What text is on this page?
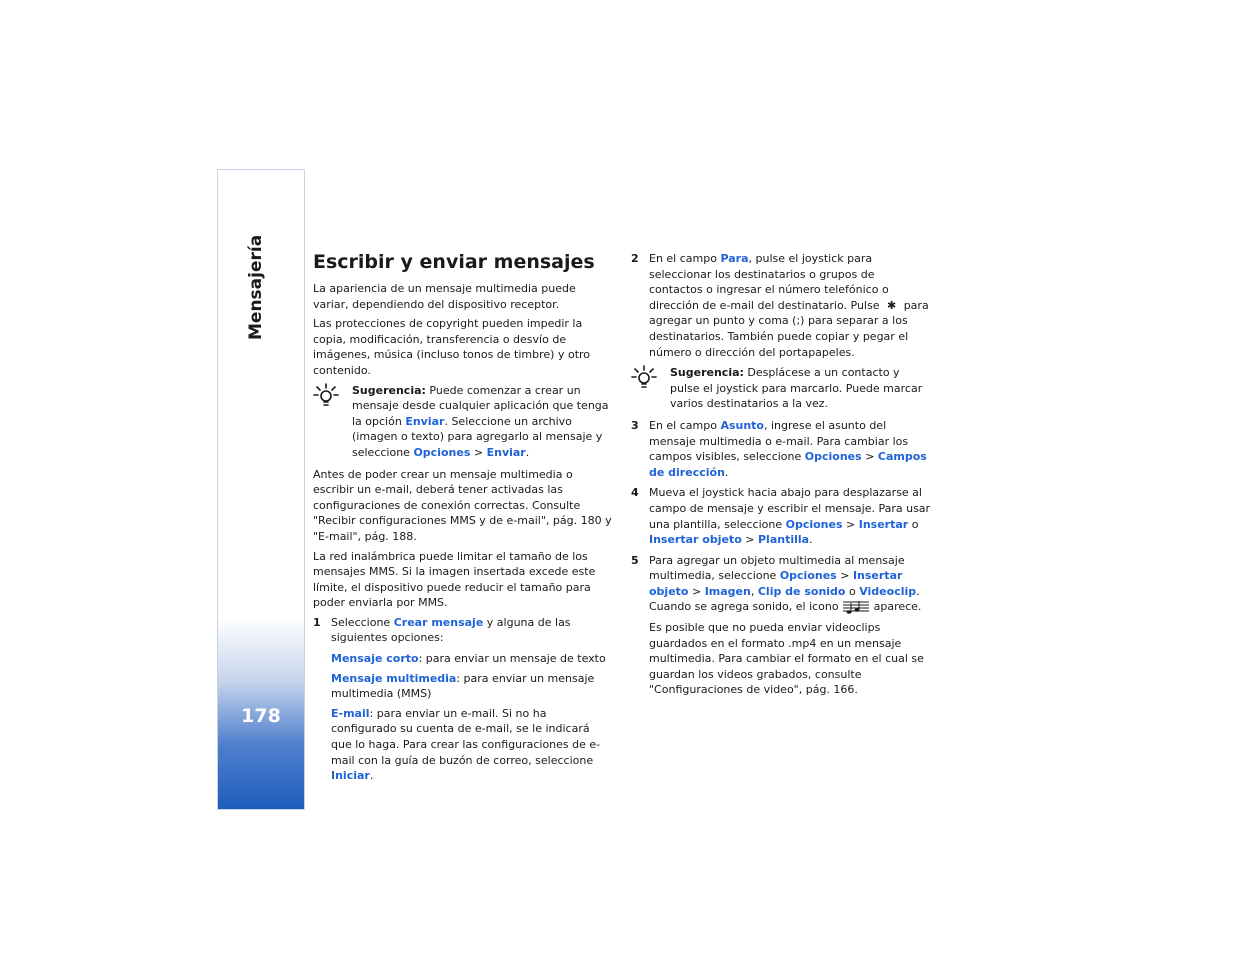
178
Escribir y enviar mensajes

La apariencia de un mensaje multimedia puede variar, dependiendo del dispositivo receptor.

Las protecciones de copyright pueden impedir la copia, modificación, transferencia o desvío de imágenes, música (incluso tonos de timbre) y otro contenido.

Sugerencia: Puede comenzar a crear un mensaje desde cualquier aplicación que tenga la opción Enviar. Seleccione un archivo (imagen o texto) para agregarlo al mensaje y seleccione Opciones > Enviar.

Antes de poder crear un mensaje multimedia o escribir un e-mail, deberá tener activadas las configuraciones de conexión correctas. Consulte "Recibir configuraciones MMS y de e-mail", pág. 180 y "E-mail", pág. 188.

La red inalámbrica puede limitar el tamaño de los mensajes MMS. Si la imagen insertada excede este límite, el dispositivo puede reducir el tamaño para poder enviarla por MMS.

1 Seleccione Crear mensaje y alguna de las siguientes opciones:

Mensaje corto: para enviar un mensaje de texto

Mensaje multimedia: para enviar un mensaje multimedia (MMS)

E-mail: para enviar un e-mail. Si no ha configurado su cuenta de e-mail, se le indicará que lo haga. Para crear las configuraciones de e-mail con la guía de buzón de correo, seleccione Iniciar.

2 En el campo Para, pulse el joystick para seleccionar los destinatarios o grupos de contactos o ingresar el número telefónico o dirección de e-mail del destinatario. Pulse ✱ para agregar un punto y coma (;) para separar a los destinatarios. También puede copiar y pegar el número o dirección del portapapeles.
Sugerencia: Desplácese a un contacto y pulse el joystick para marcarlo. Puede marcar varios destinatarios a la vez.
3 En el campo Asunto, ingrese el asunto del mensaje multimedia o e-mail. Para cambiar los campos visibles, seleccione Opciones > Campos de dirección.
4 Mueva el joystick hacia abajo para desplazarse al campo de mensaje y escribir el mensaje. Para usar una plantilla, seleccione Opciones > Insertar o Insertar objeto > Plantilla.
5 Para agregar un objeto multimedia al mensaje multimedia, seleccione Opciones > Insertar objeto > Imagen, Clip de sonido o Videoclip. Cuando se agrega sonido, el icono	aparece.

Es posible que no pueda enviar videoclips guardados en el formato .mp4 en un mensaje multimedia. Para cambiar el formato en el cual se guardan los videos grabados, consulte "Configuraciones de video", pág. 166.
